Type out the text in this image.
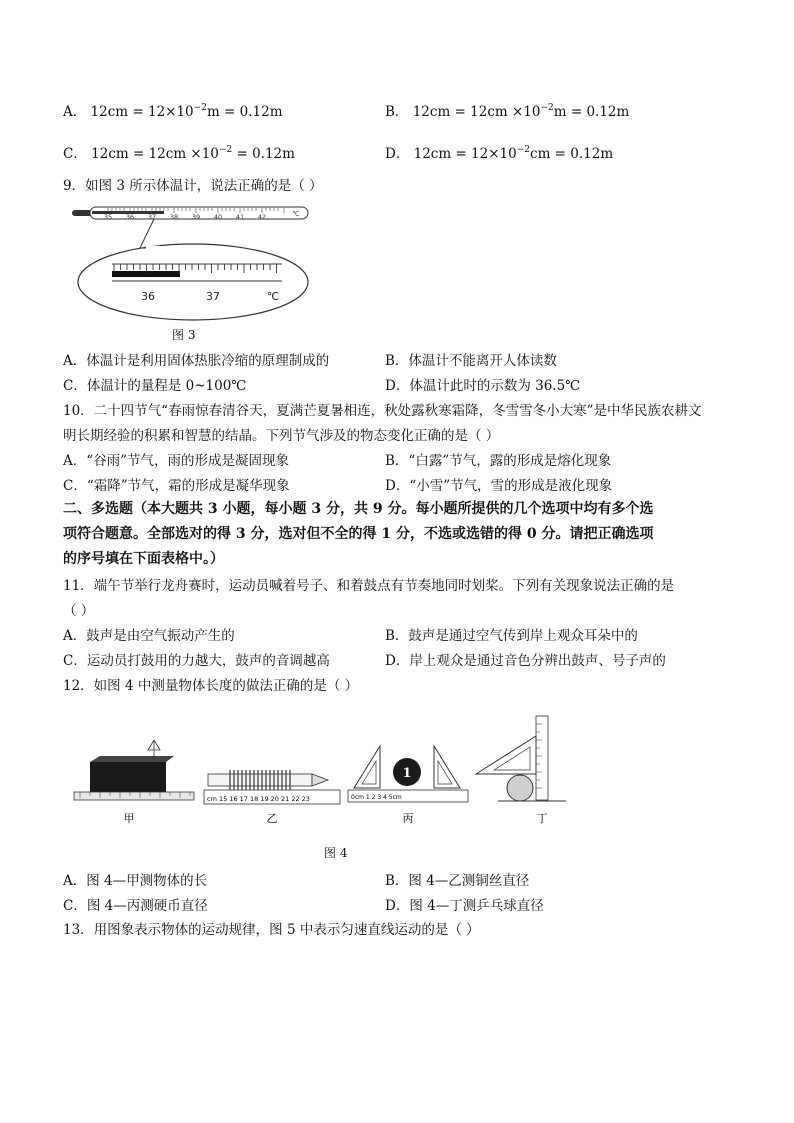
A． $12cm = 12\times 10^{-2}m = 0.12m$	B． $12cm = 12cm \times 10^{-2}m = 0.12m$
C． $12cm = 12cm \times 10^{-2} = 0.12m$	D． $12cm = 12\times 10^{-2}cm = 0.12m$
9．如图 3 所示体温计，说法正确的是（ ）
35 36 37 38 39 40 41 42	℃
36	37	℃
图 3
A．体温计是利用固体热胀冷缩的原理制成的	B．体温计不能离开人体读数
C．体温计的量程是 0~100℃	D．体温计此时的示数为 36.5℃
10．二十四节气“春雨惊春清谷天，夏满芒夏暑相连，秋处露秋寒霜降，冬雪雪冬小大寒”是中华民族农耕文
明长期经验的积累和智慧的结晶。下列节气涉及的物态变化正确的是（ ）
A．“谷雨”节气，雨的形成是凝固现象	B．“白露”节气，露的形成是熔化现象
C．“霜降”节气，霜的形成是凝华现象	D．“小雪”节气，雪的形成是液化现象
二、多选题（本大题共 3 小题，每小题 3 分，共 9 分。每小题所提供的几个选项中均有多个选
项符合题意。全部选对的得 3 分，选对但不全的得 1 分，不选或选错的得 0 分。请把正确选项
的序号填在下面表格中。）
11．端午节举行龙舟赛时，运动员喊着号子、和着鼓点有节奏地同时划桨。下列有关现象说法正确的是
（ ）
A．鼓声是由空气振动产生的	B．鼓声是通过空气传到岸上观众耳朵中的
C．运动员打鼓用的力越大，鼓声的音调越高	D．岸上观众是通过音色分辨出鼓声、号子声的
12．如图 4 中测量物体长度的做法正确的是（ ）
甲
cm 15 16 17 18 19 20 21 22 23
乙
1
0cm 1 2 3 4 5cm
丙	丁
图 4
A．图 4—甲测物体的长	B．图 4—乙测铜丝直径
C．图 4—丙测硬币直径	D．图 4—丁测乒乓球直径
13．用图象表示物体的运动规律，图 5 中表示匀速直线运动的是（ ）
